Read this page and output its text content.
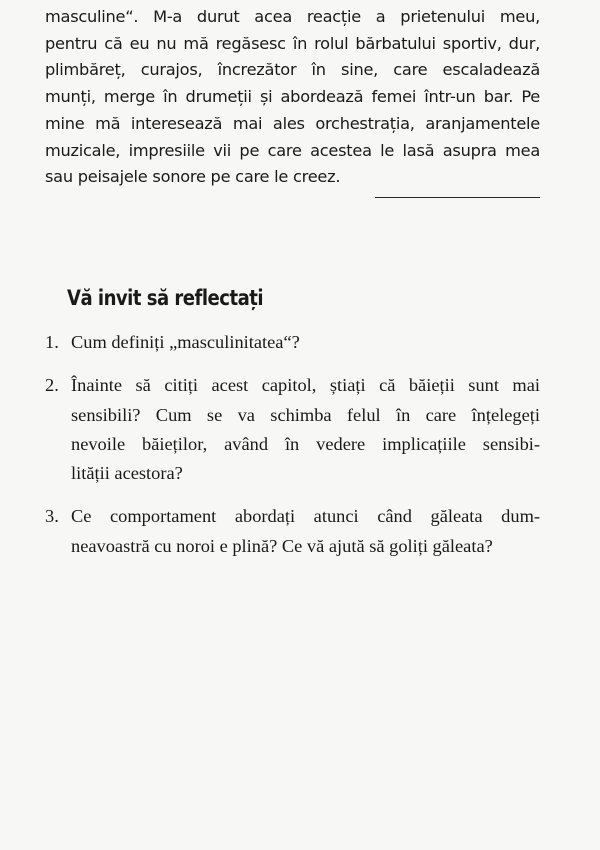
masculine“. M-a durut acea reacție a prietenului meu,
pentru că eu nu mă regăsesc în rolul bărbatului sportiv, dur,
plimbăreț, curajos, încrezător în sine, care escaladează
munți, merge în drumeții și abordează femei într-un bar. Pe
mine mă interesează mai ales orchestrația, aranjamentele
muzicale, impresiile vii pe care acestea le lasă asupra mea
sau peisajele sonore pe care le creez.

Vă invit să reflectați
1. Cum definiți „masculinitatea“?
2. Înainte să citiți acest capitol, știați că băieții sunt mai
sensibili? Cum se va schimba felul în care înțelegeți
nevoile băieților, având în vedere implicațiile sensibi-
lității acestora?
3. Ce comportament abordați atunci când găleata dum-
neavoastră cu noroi e plină? Ce vă ajută să goliți găleata?
